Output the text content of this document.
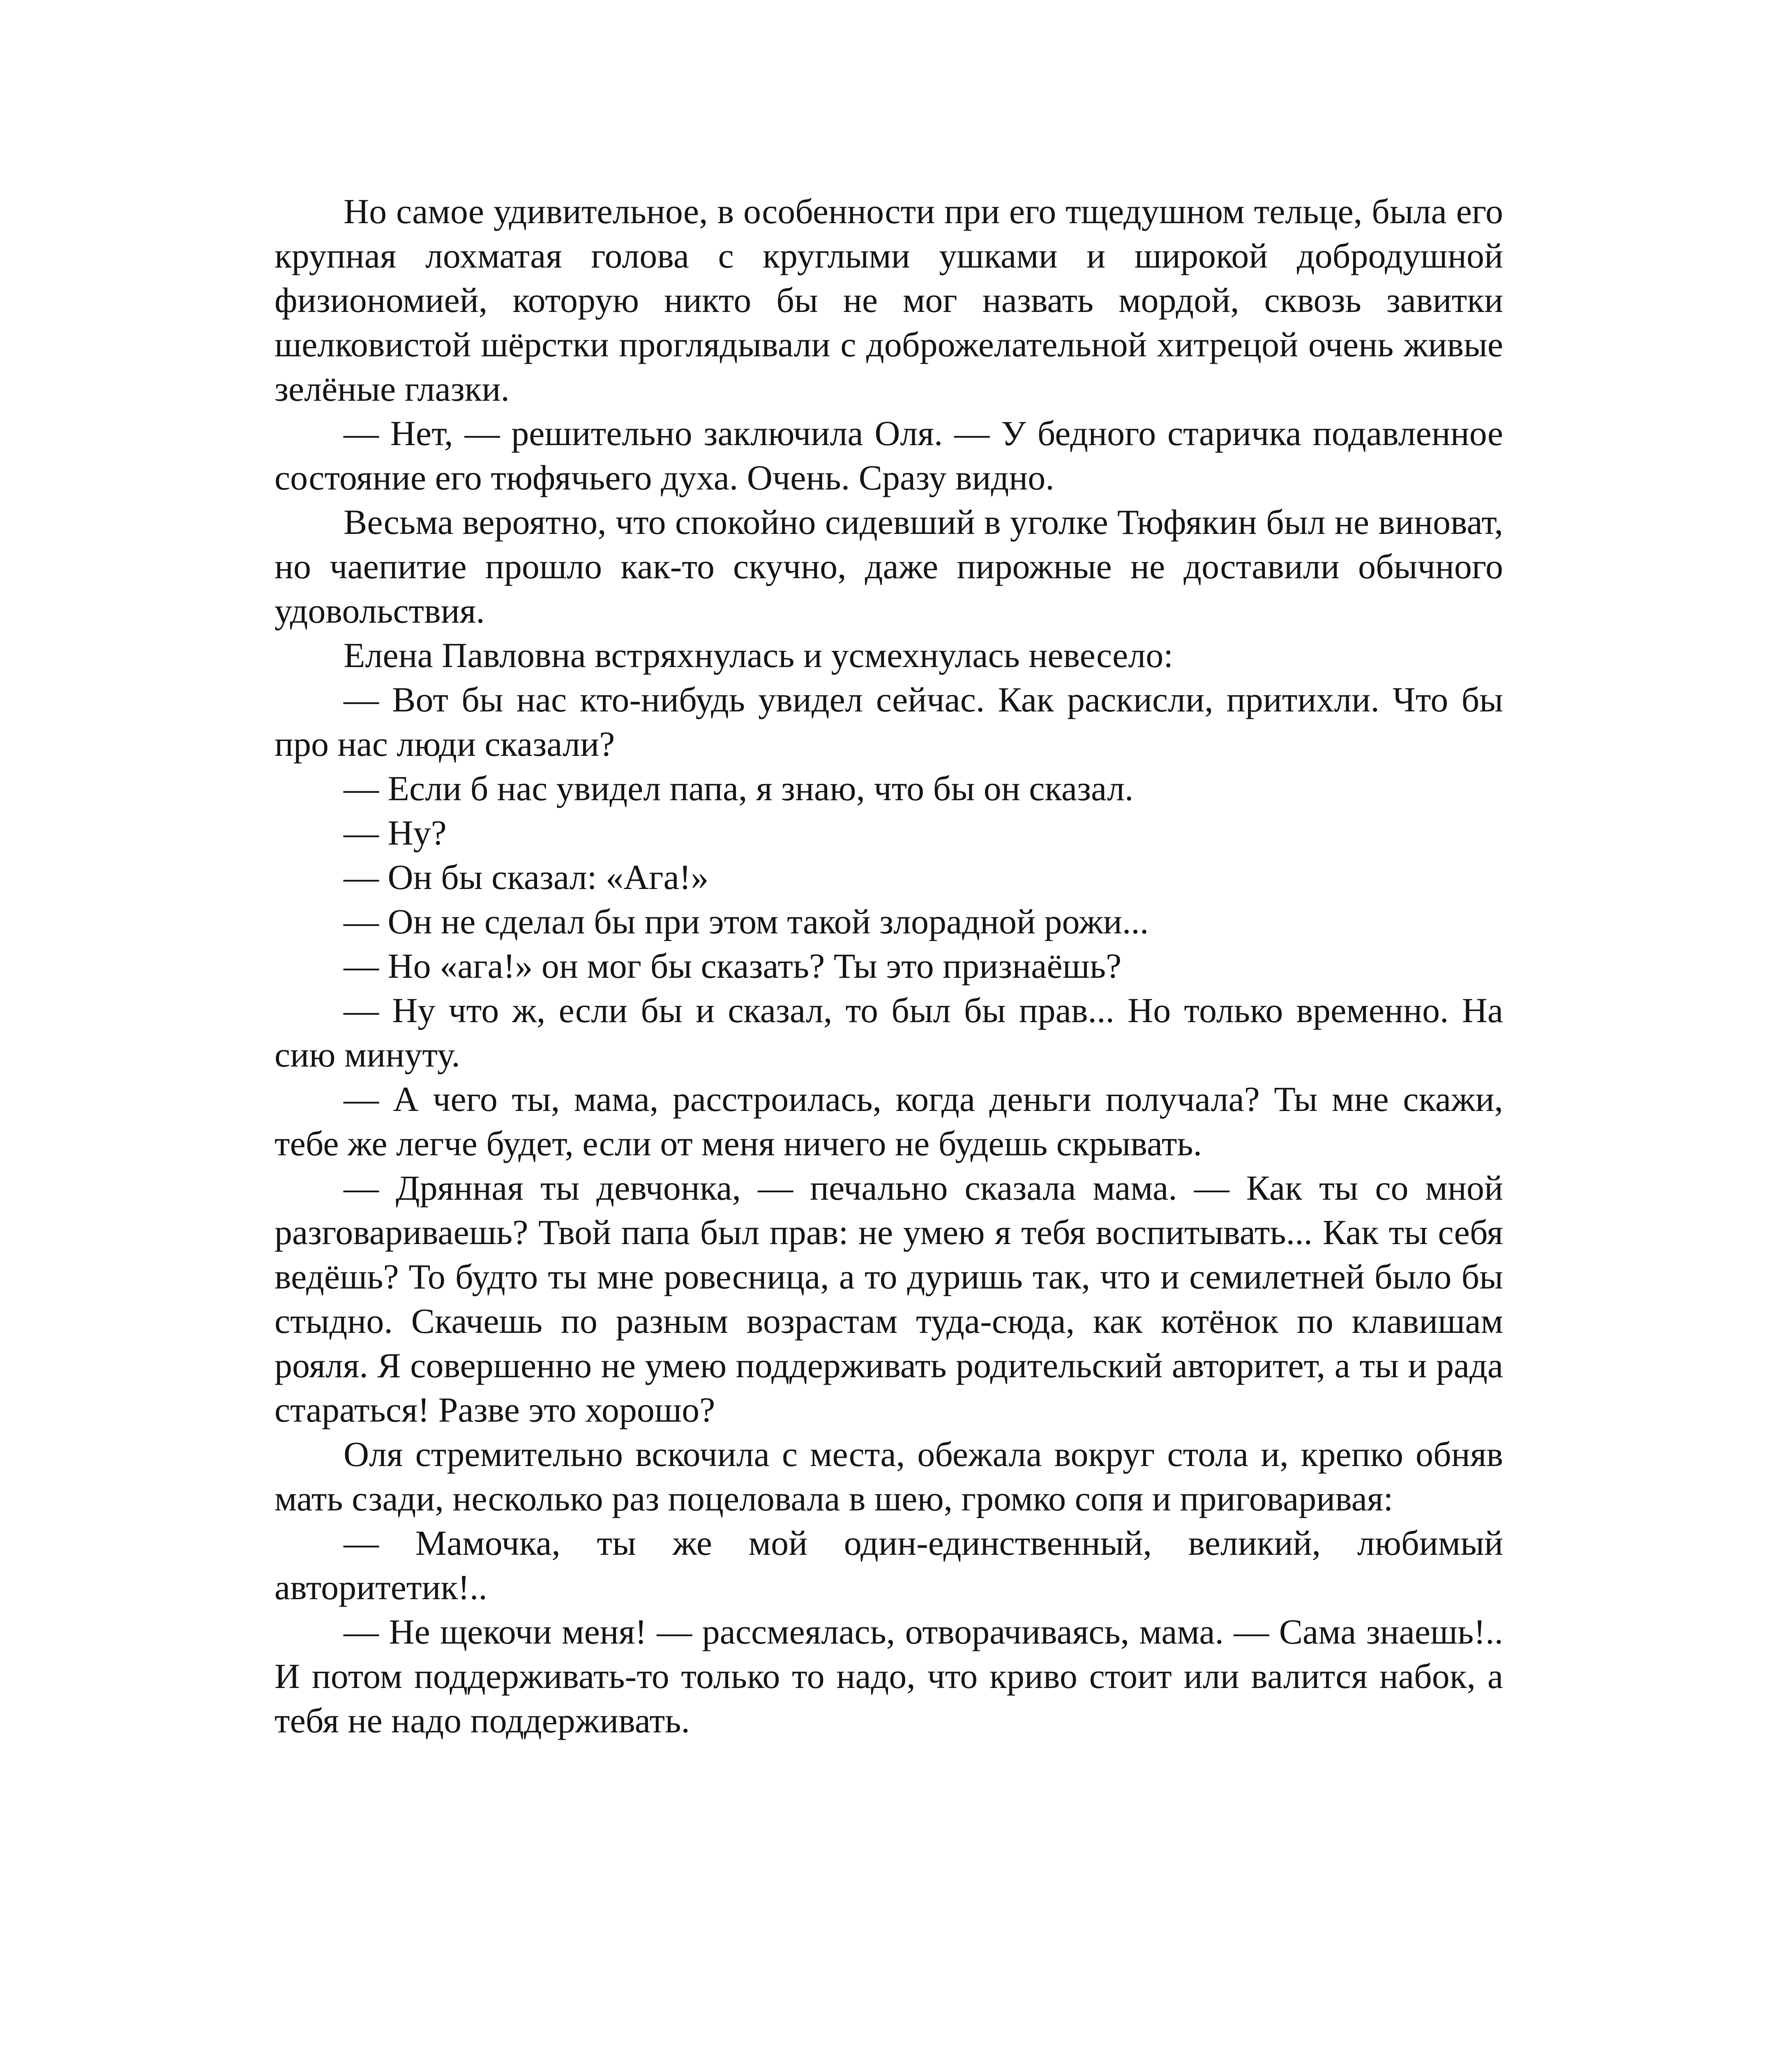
Но самое удивительное, в особенности при его тщедушном тельце, была его крупная лохматая голова с круглыми ушками и широкой добродушной физиономией, которую никто бы не мог назвать мордой, сквозь завитки шелковистой шёрстки проглядывали с доброжелательной хитрецой очень живые зелёные глазки.

— Нет, — решительно заключила Оля. — У бедного старичка подавленное состояние его тюфячьего духа. Очень. Сразу видно.

Весьма вероятно, что спокойно сидевший в уголке Тюфякин был не виноват, но чаепитие прошло как-то скучно, даже пирожные не доставили обычного удовольствия.

Елена Павловна встряхнулась и усмехнулась невесело:

— Вот бы нас кто-нибудь увидел сейчас. Как раскисли, притихли. Что бы про нас люди сказали?

— Если б нас увидел папа, я знаю, что бы он сказал.

— Ну?

— Он бы сказал: «Ага!»

— Он не сделал бы при этом такой злорадной рожи...

— Но «ага!» он мог бы сказать? Ты это признаёшь?

— Ну что ж, если бы и сказал, то был бы прав... Но только временно. На сию минуту.

— А чего ты, мама, расстроилась, когда деньги получала? Ты мне скажи, тебе же легче будет, если от меня ничего не будешь скрывать.

— Дрянная ты девчонка, — печально сказала мама. — Как ты со мной разговариваешь? Твой папа был прав: не умею я тебя воспитывать... Как ты себя ведёшь? То будто ты мне ровесница, а то дуришь так, что и семилетней было бы стыдно. Скачешь по разным возрастам туда-сюда, как котёнок по клавишам рояля. Я совершенно не умею поддерживать родительский авторитет, а ты и рада стараться! Разве это хорошо?

Оля стремительно вскочила с места, обежала вокруг стола и, крепко обняв мать сзади, несколько раз поцеловала в шею, громко сопя и приговаривая:

— Мамочка, ты же мой один-единственный, великий, любимый авторитетик!..

— Не щекочи меня! — рассмеялась, отворачиваясь, мама. — Сама знаешь!.. И потом поддерживать-то только то надо, что криво стоит или валится набок, а тебя не надо поддерживать.
